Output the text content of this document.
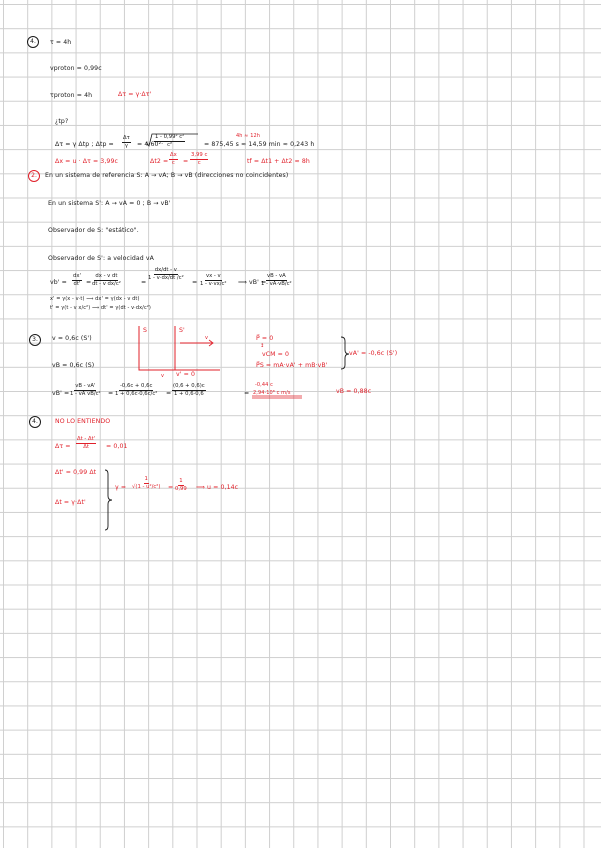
4.	τ = 4h
vproton = 0,99c
τproton = 4h	Δτ = γ·Δτ'
¿tp?
Δτ = γ Δtp ; $\Delta tp = \frac{\Delta\tau}{\gamma} = 4\cdot 60^2\cdot$
$\frac{\text{1 - 0,99² c²}}{\text{c²}}$	= 875,45 s ≈ 14,59 min ≈ 0,243 h
4h ≈ 12h
Δx = u · Δτ = 3,99c	$\Delta t2 = \frac{\Delta x}{c} = \frac{3,99 c}{c}$	tf = Δt1 + Δt2 ≈ 8h
2.	En un sistema de referencia S: A → vA; B → vB (direcciones no coincidentes)
En un sistema S': A → vA = 0 ; B → vB'
Observador de S: "estático".
Observador de S': a velocidad vA
$vb' = \frac{dx'}{dt'} = \frac{\text{dx - v dt}}{\text{dt - v dx/c²}}$	=
$\frac{dx/dt - v}{\text{1 - v·dx/dt /c²}}$
= $\frac{vx - v}{\text{1 - v·vx/c²}}$ ⟹ vB' =
$\frac{vB - vA}{\text{1 - vA·vB/c²}}$
x' = γ(x - v·t) ⟹ dx' = γ(dx - v dt)
t' = γ(t - v x/c²) ⟹ dt' = γ(dt - v·dx/c²)
3.	v = 0,6c (S')
vB = 0,6c (S)
S	S'
v
v v' = 0
P⃗ = 0
↕
vCM = 0
P⃗S = mA·vA' + mB·vB'
vA' = -0,6c (S')
$vB' = \frac{vB - vA'}{\text{1 - vA vB/c²}} = \frac{-0,6c + 0,6c}{\text{1 + 0,6c·0,6c/c²}} = \frac{(0,6 + 0,6)c}{1 + 0,6\cdot 0,6}$	=
-0,44 c
2,94·10⁸ c m/s	vB = 0,88c
4.	NO LO ENTIENDO
$\Delta\tau = \frac{\Delta t - \Delta t'}{\Delta t} = 0,01$
Δt' = 0,99 Δt
Δt = γ·Δt'
$\gamma = \frac{1}{\text{√(1 - u²/c²)}} = \frac{1}{0,99}$ ⟹ u = 0,14c
